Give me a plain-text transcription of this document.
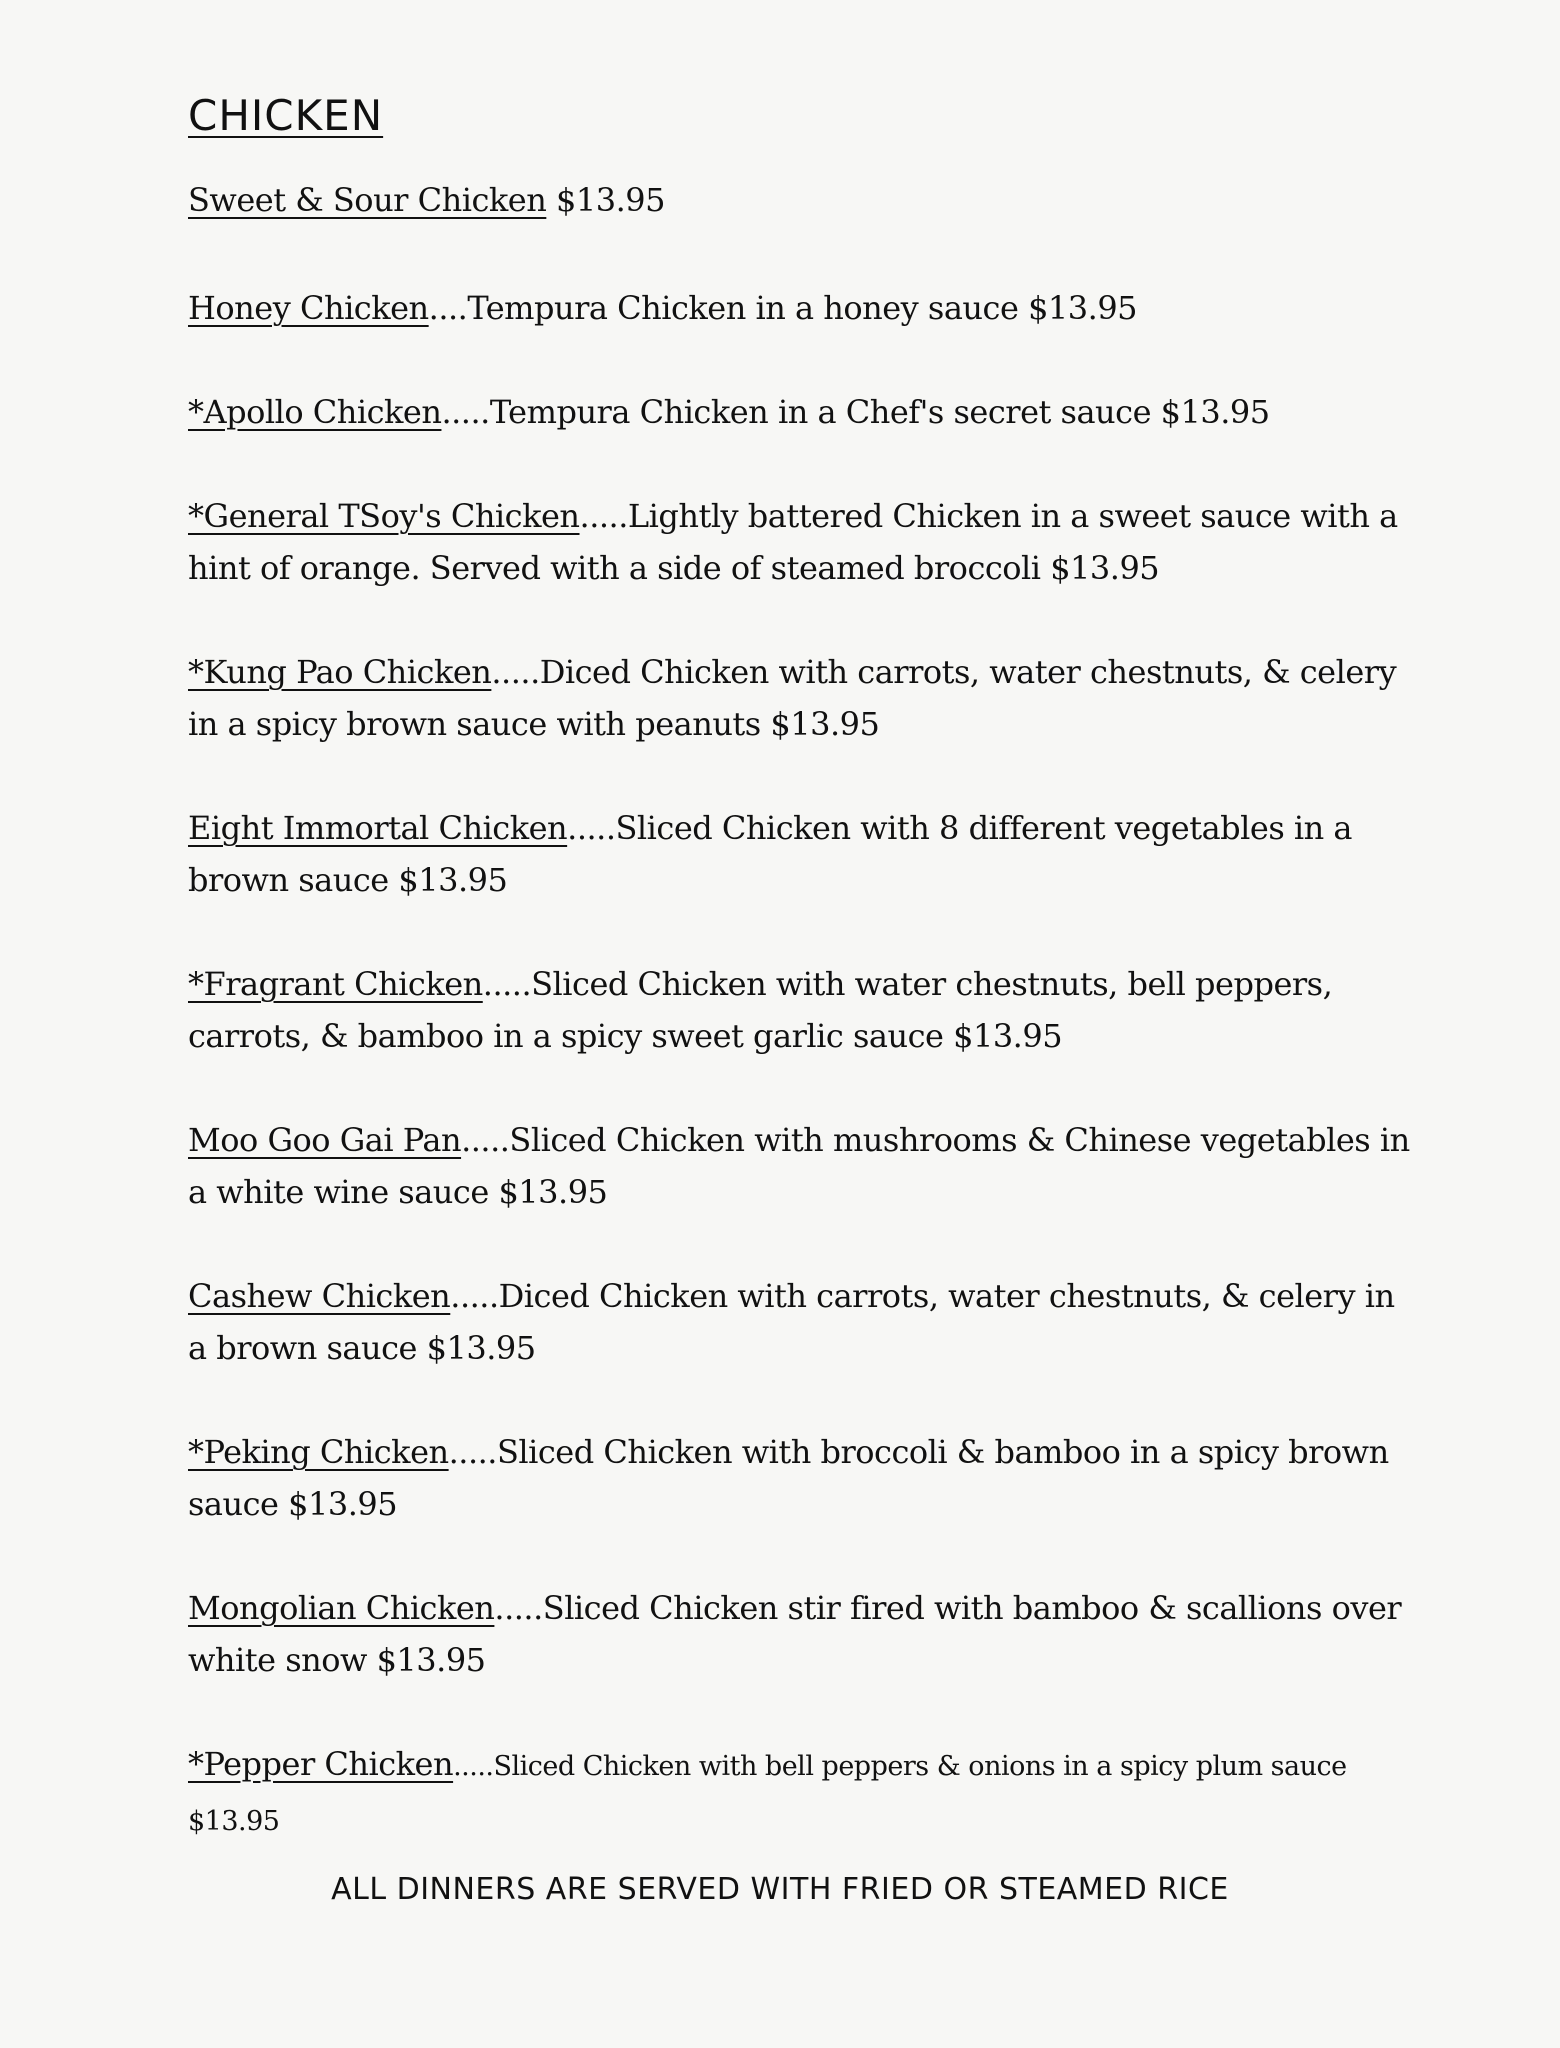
CHICKEN
Sweet & Sour Chicken $13.95
Honey Chicken....Tempura Chicken in a honey sauce $13.95
*Apollo Chicken.....Tempura Chicken in a Chef's secret sauce $13.95
*General TSoy's Chicken.....Lightly battered Chicken in a sweet sauce with a hint of orange. Served with a side of steamed broccoli $13.95
*Kung Pao Chicken.....Diced Chicken with carrots, water chestnuts, & celery in a spicy brown sauce with peanuts $13.95
Eight Immortal Chicken.....Sliced Chicken with 8 different vegetables in a brown sauce $13.95
*Fragrant Chicken.....Sliced Chicken with water chestnuts, bell peppers, carrots, & bamboo in a spicy sweet garlic sauce $13.95
Moo Goo Gai Pan.....Sliced Chicken with mushrooms & Chinese vegetables in a white wine sauce $13.95
Cashew Chicken.....Diced Chicken with carrots, water chestnuts, & celery in a brown sauce $13.95
*Peking Chicken.....Sliced Chicken with broccoli & bamboo in a spicy brown sauce $13.95
Mongolian Chicken.....Sliced Chicken stir fired with bamboo & scallions over white snow $13.95
*Pepper Chicken.....Sliced Chicken with bell peppers & onions in a spicy plum sauce $13.95
ALL DINNERS ARE SERVED WITH FRIED OR STEAMED RICE
